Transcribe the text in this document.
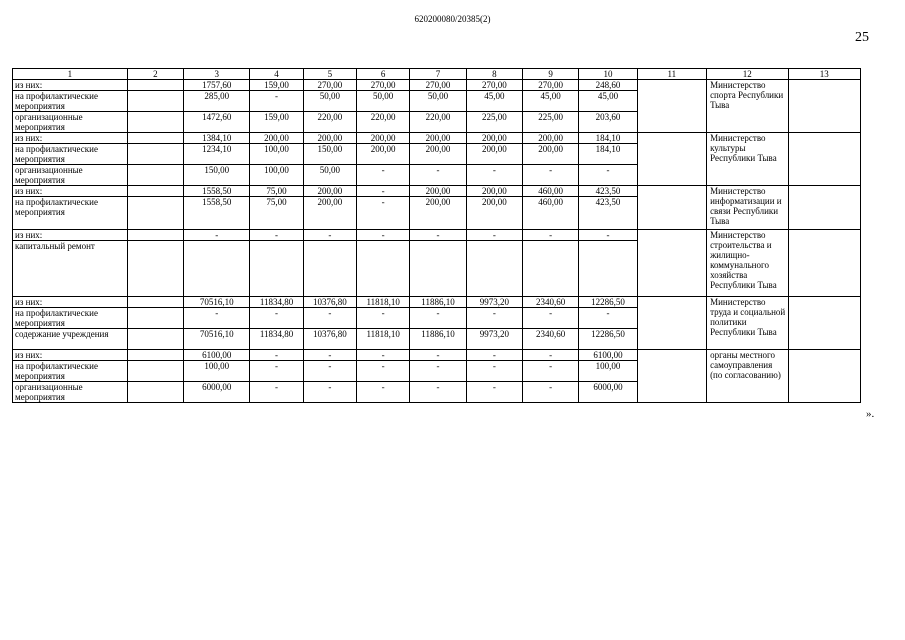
620200080/20385(2)
25
1	2	3	4	5	6	7	8	9	10	11	12	13
из них:		1757,60	159,00	270,00	270,00	270,00	270,00	270,00	248,60		Министерство спорта Республики Тыва	
на профилактические мероприятия		285,00	-	50,00	50,00	50,00	45,00	45,00	45,00			
организационные мероприятия		1472,60	159,00	220,00	220,00	220,00	225,00	225,00	203,60			
из них:		1384,10	200,00	200,00	200,00	200,00	200,00	200,00	184,10		Министерство культуры Республики Тыва	
на профилактические мероприятия		1234,10	100,00	150,00	200,00	200,00	200,00	200,00	184,10			
организационные мероприятия		150,00	100,00	50,00	-	-	-	-	-			
из них:		1558,50	75,00	200,00	-	200,00	200,00	460,00	423,50		Министерство информатизации и связи Республики Тыва	
на профилактические мероприятия		1558,50	75,00	200,00	-	200,00	200,00	460,00	423,50			
из них:		-	-	-	-	-	-	-	-		Министерство строительства и жилищно-коммунального хозяйства Республики Тыва	
капитальный ремонт												
из них:		70516,10	11834,80	10376,80	11818,10	11886,10	9973,20	2340,60	12286,50		Министерство труда и социальной политики Республики Тыва	
на профилактические мероприятия		-	-	-	-	-	-	-	-			
содержание учреждения		70516,10	11834,80	10376,80	11818,10	11886,10	9973,20	2340,60	12286,50			
из них:		6100,00	-	-	-	-	-	-	6100,00		органы местного самоуправления (по согласованию)	
на профилактические мероприятия		100,00	-	-	-	-	-	-	100,00			
организационные мероприятия		6000,00	-	-	-	-	-	-	6000,00			
».
